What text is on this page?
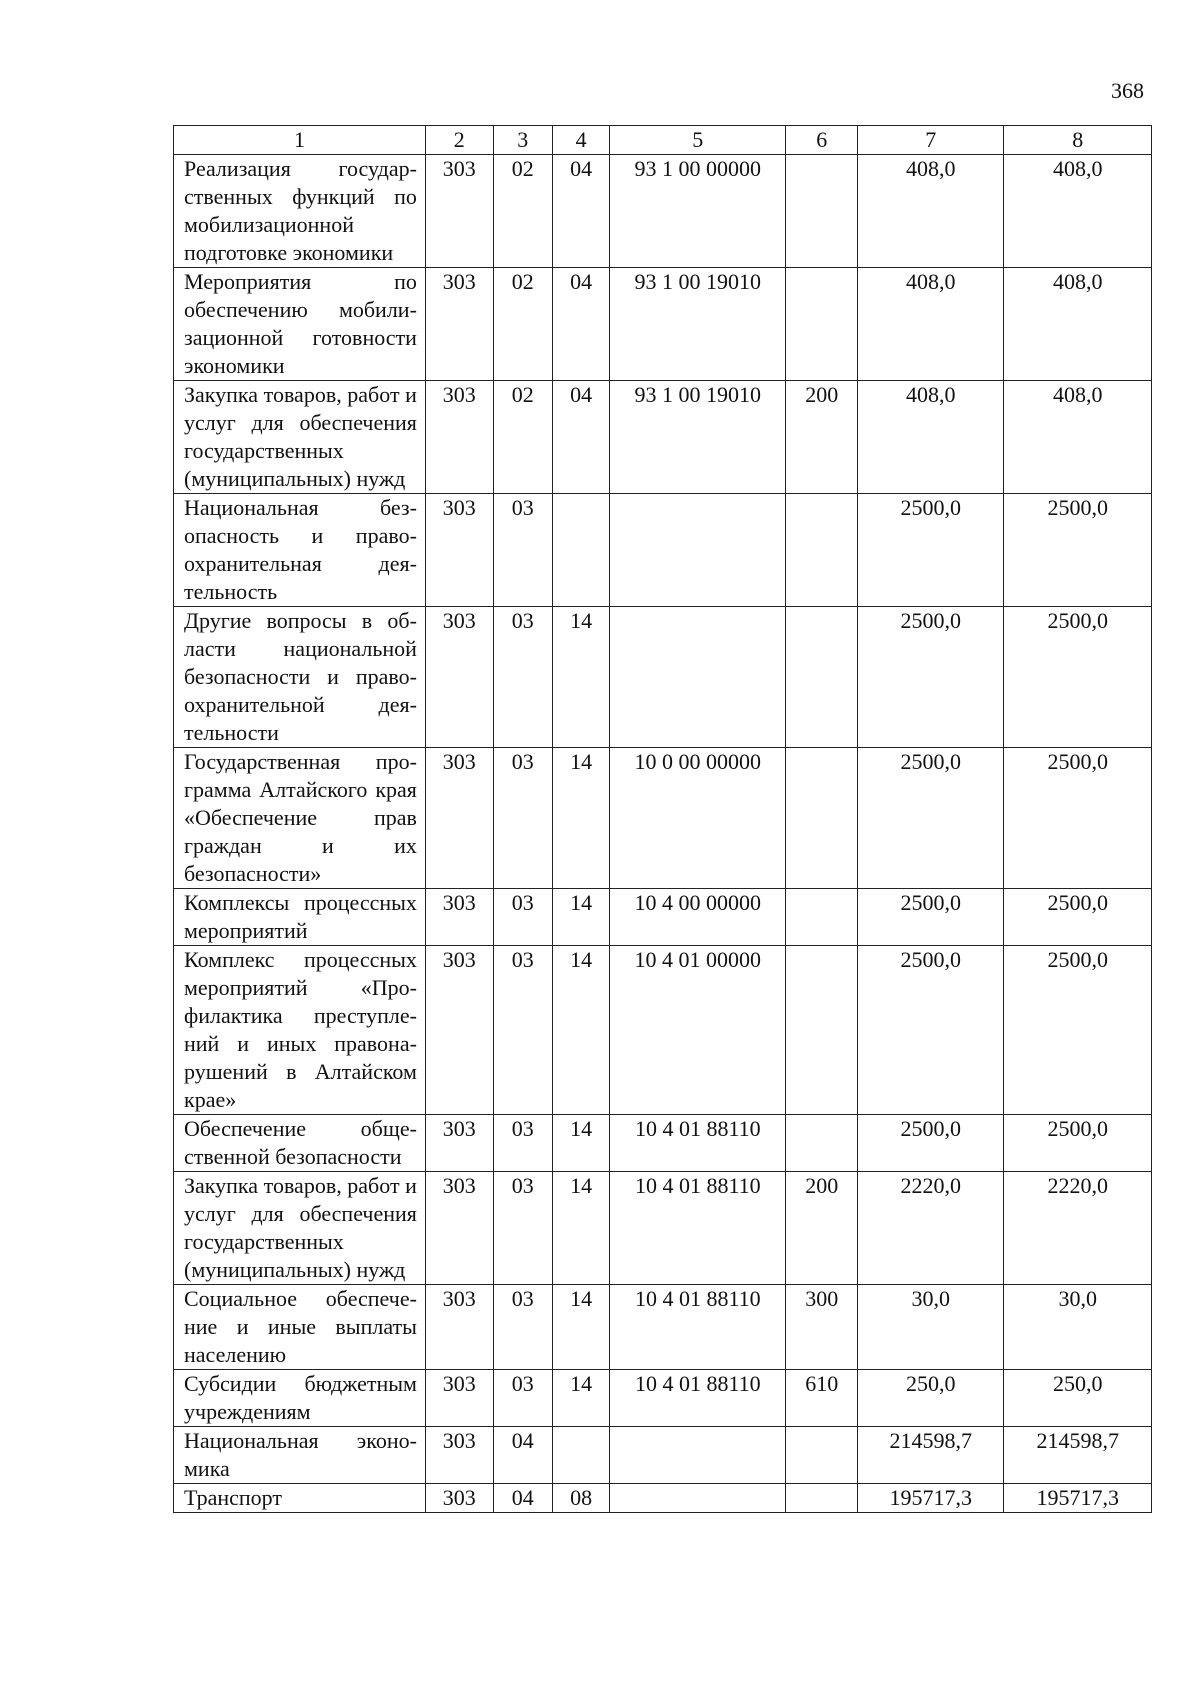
368
1	2	3	4	5	6	7	8
Реализация государственных функций по мобилизационной подготовке экономики	303	02	04	93 1 00 00000		408,0	408,0
Мероприятия по обеспечению мобилизационной готовности экономики	303	02	04	93 1 00 19010		408,0	408,0
Закупка товаров, работ и услуг для обеспечения государственных (муниципальных) нужд	303	02	04	93 1 00 19010	200	408,0	408,0
Национальная безопасность и правоохранительная деятельность	303	03				2500,0	2500,0
Другие вопросы в области национальной безопасности и правоохранительной деятельности	303	03	14			2500,0	2500,0
Государственная программа Алтайского края «Обеспечение прав граждан и их безопасности»	303	03	14	10 0 00 00000		2500,0	2500,0
Комплексы процессных мероприятий	303	03	14	10 4 00 00000		2500,0	2500,0
Комплекс процессных мероприятий «Профилактика преступлений и иных правонарушений в Алтайском крае»	303	03	14	10 4 01 00000		2500,0	2500,0
Обеспечение общественной безопасности	303	03	14	10 4 01 88110		2500,0	2500,0
Закупка товаров, работ и услуг для обеспечения государственных (муниципальных) нужд	303	03	14	10 4 01 88110	200	2220,0	2220,0
Социальное обеспечение и иные выплаты населению	303	03	14	10 4 01 88110	300	30,0	30,0
Субсидии бюджетным учреждениям	303	03	14	10 4 01 88110	610	250,0	250,0
Национальная экономика	303	04				214598,7	214598,7
Транспорт	303	04	08			195717,3	195717,3
